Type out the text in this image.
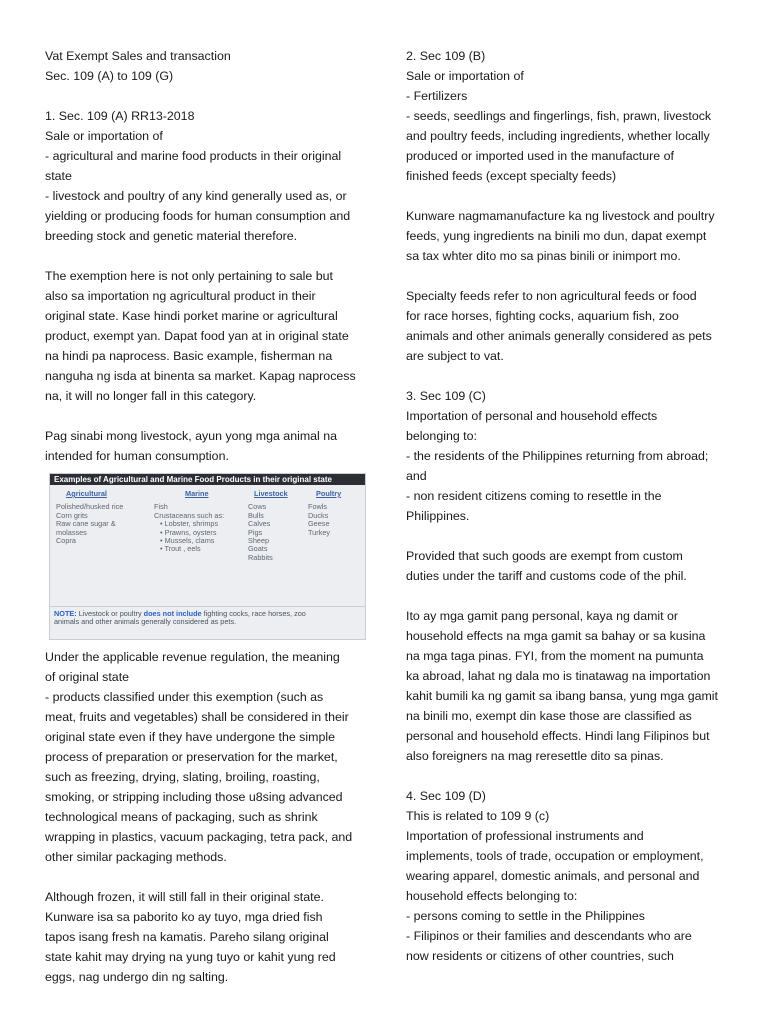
Vat Exempt Sales and transaction
Sec. 109 (A) to 109 (G)
1. Sec. 109 (A) RR13-2018
Sale or importation of
- agricultural and marine food products in their original
state
- livestock and poultry of any kind generally used as, or
yielding or producing foods for human consumption and
breeding stock and genetic material therefore.
The exemption here is not only pertaining to sale but
also sa importation ng agricultural product in their
original state. Kase hindi porket marine or agricultural
product, exempt yan. Dapat food yan at in original state
na hindi pa naprocess. Basic example, fisherman na
nanguha ng isda at binenta sa market. Kapag naprocess
na, it will no longer fall in this category.
Pag sinabi mong livestock, ayun yong mga animal na
intended for human consumption.
Examples of Agricultural and Marine Food Products in their original state
Agricultural
Polished/husked rice
Corn grits
Raw cane sugar &
molasses
Copra
Marine
Fish
Crustaceans such as:
• Lobster, shrimps
• Prawns, oysters
• Mussels, clams
• Trout , eels
Livestock
Cows
Bulls
Calves
Pigs
Sheep
Goats
Rabbits
Poultry
Fowls
Ducks
Geese
Turkey
NOTE: Livestock or poultry does not include fighting cocks, race horses, zoo
animals and other animals generally considered as pets.
Under the applicable revenue regulation, the meaning
of original state
- products classified under this exemption (such as
meat, fruits and vegetables) shall be considered in their
original state even if they have undergone the simple
process of preparation or preservation for the market,
such as freezing, drying, slating, broiling, roasting,
smoking, or stripping including those u8sing advanced
technological means of packaging, such as shrink
wrapping in plastics, vacuum packaging, tetra pack, and
other similar packaging methods.
Although frozen, it will still fall in their original state.
Kunware isa sa paborito ko ay tuyo, mga dried fish
tapos isang fresh na kamatis. Pareho silang original
state kahit may drying na yung tuyo or kahit yung red
eggs, nag undergo din ng salting.
2. Sec 109 (B)
Sale or importation of
- Fertilizers
- seeds, seedlings and fingerlings, fish, prawn, livestock
and poultry feeds, including ingredients, whether locally
produced or imported used in the manufacture of
finished feeds (except specialty feeds)
Kunware nagmamanufacture ka ng livestock and poultry
feeds, yung ingredients na binili mo dun, dapat exempt
sa tax whter dito mo sa pinas binili or inimport mo.
Specialty feeds refer to non agricultural feeds or food
for race horses, fighting cocks, aquarium fish, zoo
animals and other animals generally considered as pets
are subject to vat.
3. Sec 109 (C)
Importation of personal and household effects
belonging to:
- the residents of the Philippines returning from abroad;
and
- non resident citizens coming to resettle in the
Philippines.
Provided that such goods are exempt from custom
duties under the tariff and customs code of the phil.
Ito ay mga gamit pang personal, kaya ng damit or
household effects na mga gamit sa bahay or sa kusina
na mga taga pinas. FYI, from the moment na pumunta
ka abroad, lahat ng dala mo is tinatawag na importation
kahit bumili ka ng gamit sa ibang bansa, yung mga gamit
na binili mo, exempt din kase those are classified as
personal and household effects. Hindi lang Filipinos but
also foreigners na mag reresettle dito sa pinas.
4. Sec 109 (D)
This is related to 109 9 (c)
Importation of professional instruments and
implements, tools of trade, occupation or employment,
wearing apparel, domestic animals, and personal and
household effects belonging to:
- persons coming to settle in the Philippines
- Filipinos or their families and descendants who are
now residents or citizens of other countries, such
